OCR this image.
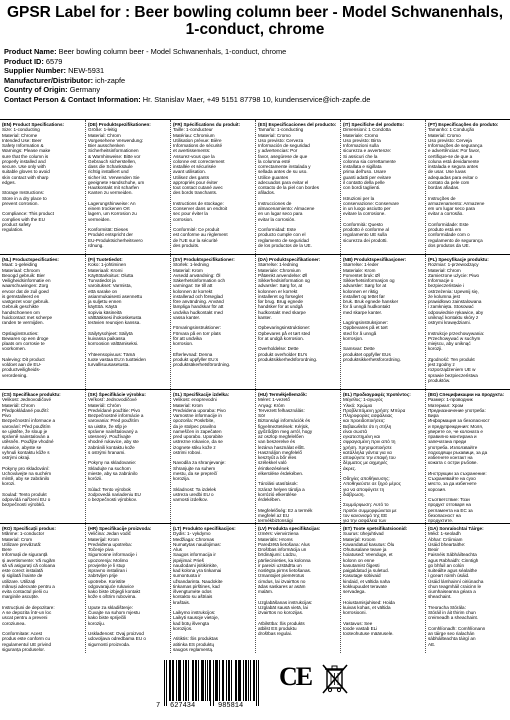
GPSR Label for : Beer bowling column beer - Model Schwanenhals, 1-conduct, chrome
Product Name: Beer bowling column beer - Model Schwanenhals, 1-conduct, chrome
Product ID: 6579
Supplier Number: NEW-5931
Manufacturer/Distributor: ich-zapfe
Country of Origin: Germany
Contact Person & Contact Information: Hr. Stanislav Maer, +49 5151 87798 10, kundenservice@ich-zapfe.de
(EN) Product Specifications:
Size: 1-conducting
Material: Chrome
Intended Use: Beer
Safety Information &
Warnings: Please make
sure that the column is
properly installed and
secure. Use only with
suitable gloves to avoid
skin contact with sharp
edges.

Storage Instructions:
Store in a dry place to
prevent corrosion.

Compliance: This product
complies with the EU
product safety
regulation.
(DE) Produktspezifikationen:
Größe: 1-leitig
Material: Chrom
Vorgesehene Verwendung:
Bier ausschenken
Sicherheitsinformationen
& Warnhinweise: Bitte vor
Gebrauch sicherstellen,
dass die Schanksäule
richtig installiert und
sicher ist. Verwenden Sie
geeignete Handschuhe, um
Hautkontakt mit scharfen
Kanten zu vermeiden.

Lagerungshinweise: An
einem trockenen Ort
lagern, um Korrosion zu
vermeiden.

Konformität: Dieses
Produkt entspricht der
EU-Produktsicherheitsvero
rdnung.
(FR) Spécifications du produit:
Taille: 1-conducteur
Matériau: Chromium
Utilisation prévue: Bière
Informations de sécurité
et avertissements:
Assurez-vous que la
colonne est correctement
installée et sécurisée
avant utilisation.
Utilisez des gants
appropriés pour éviter
tout contact cutané avec
des bords tranchants.

Instructions de stockage:
Conserver dans un endroit
sec pour éviter la
corrosion.

Conformité: Ce produit
est conforme au règlement
de l'UE sur la sécurité
des produits.
(ES) Especificaciones del producto:
Tamaño: 1-conducting
Material: Cromo
Uso previsto: Cerveza
Información de seguridad
y advertencias: Por
favor, asegúrese de que
la columna esté
correctamente instalada y
sellada antes de su uso.
Utilice guantes
adecuados para evitar el
contacto de la piel con bordes
afilados.

Instrucciones de
almacenamiento: Almacene
en un lugar seco para
evitar la corrosión.

Conformidad: Este
producto cumple con el
reglamento de seguridad
de los productos de la UE.
(IT) Specifiche del prodotto:
Dimensioni: 1 Condotta
Materiale: Cromo
Uso previsto: Birra
Informazioni sulla
sicurezza e avvertenze:
Si assicuri che la
colonna sia correttamente
installata e sigillata
prima dell'uso. Usare
guanti adatti per evitare
il contatto della pelle
con bordi taglienti.

Istruzioni per la
conservazione: Conservare
in un luogo asciutto per
evitare la corrosione.

Conformità: Questo
prodotto è conforme al
regolamento UE sulla
sicurezza dei prodotti.
(PT) Especificações do produto:
Tamanho: 1 Condução
Material: Cromo
Uso previsto: Cerveja
Informações de segurança
e advertências: Por favor,
certifique-se de que a
coluna está devidamente
instalada e segura antes
de usar. Use luvas
adequadas para evitar o
contato da pele com
bordas afiadas.

Instruções de
armazenamento: Armazene
em um lugar seco para
evitar a corrosão.

Conformidade: Este
produto está em
conformidade com o
regulamento de segurança
dos produtos da UE.
(NL) Productspecificaties:
Maat: 1-geleiding
Materiaal: Chroom
Beoogd gebruik: Bier
Veiligheidsinformatie en
waarschuwingen: Zorg
ervoor dat de zuil goed
is geïnstalleerd en
vastgezet voor gebruik.
Gebruik geschikte
handschoenen om
huidcontact met scherpe
randen te vermijden.

Opslaginstructies:
Bewaren op een droge
plaats om corrosie te
voorkomen.

Naleving: Dit product
voldoet aan de EU-
productveiligheids-
verordening.
(FI) Tuotetiedot:
Koko: 1-johtiminen
Materiaali: Kromi
Käyttötarkoitus: Olutta
Turvatiedot ja
varoitukset: Varmista,
että sarake on
asianmukaisesti asennettu
ja suljettu ennen
käyttöä. Käytä
sopivia käsineitä
välttääksesi ihokosketusta
terävien reunojen kanssa.

Säilytysohjeet: Säilytä
kuivassa paikassa
korroosion välttämiseksi.

Yhteensopivuus: Tämä
tuote vastaa EU:n tuotteiden
turvallisuusasetusta.
(SV) Produktspecifikationer:
Storlek: 1-ledning
Material: Krom
Avsedd användning: Öl
Säkerhetsinformation och
varningar: Se till att
kolonnen är korrekt
installerad och förseglad
före användning. Använd
lämpliga handskar för att
undvika hudkontakt med
vassa kanter.

Förvaringsinstruktioner:
Förvara på en torr plats
för att undvika
korrosion.

Efterlevnad: Denna
produkt uppfyller EU:s
produktsäkerhetsförordning.
(DA) Produktspecifikationer:
Størrelse: 1-ledning
Materiale: Chromium
Påtænkt anvendelse: Øl
Sikkerhedsinformation og
advarsler: Sørg for, at
kolonnen er korrekt
installeret og forseglet
før brug. Brug egnede
handsker for at undgå
hudkontakt med skarpe
kanter.

Opbevaringsinstruktioner:
Opbevares på et tørt sted
for at undgå korrosion.

Overholdelse: Dette
produkt overholder EU's
produktsikkerhedsforordning.
(NB) Produktspesifikasjoner:
Størrelse: 1-leder
Materiale: Krom
Forventet bruk: Øl
Sikkerhetsinformasjon og
advarsler: Sørg for at
kolonnen er riktig
installert og tettet før
bruk. Bruk egnede hansker
for å unngå hudkontakt
med skarpe kanter.

Lagringsinstruksjoner:
Oppbevares på et tørt
sted for å unngå
korrosjon.

Samsvar: Dette
produktet oppfyller EUs
produktsikkerhetsforordning.
(PL) Specyfikacje produktu:
Rozmiar: 1-przewodzący
Materiał: Chrom
Zamierzone użycie: Piwo
Informacje o
bezpieczeństwie i
ostrzeżenia: Upewnij się,
że kolumna jest
prawidłowo zainstalowana
i zamknięta. Stosować
odpowiednie rękawice, aby
uniknąć kontaktu skóry z
ostrymi krawędziami.

Instrukcje przechowywania:
Przechowywać w suchym
miejscu, aby uniknąć
korozji.

Zgodność: Ten produkt
jest zgodny z
rozporządzeniem UE w
sprawie bezpieczeństwa
produktów.
(CS) Specifikace produktu:
Velikost: Jednovodičové
Materiál: Chrom
Předpokládané použití:
Pivo
Bezpečnostní informace a
varování: Před použitím
se ujistěte, že sloup je
správně nainstalován a
utěsněn. Použijte vhodné
rukavice, abyste se
vyhnuli kontaktu kůže s
ostrými okraji.

Pokyny pro skladování:
Uchovávejte na suchém
místě, aby se zabránilo
korozi.

Soulad: Tento produkt
odpovídá nařízení EU o
bezpečnosti výrobků.
(SK) Špecifikácie výrobku:
Veľkosť: Jednovodičové
Materiál: Chróm
Predvídané použitie: Pivo
Bezpečnostné informácie a
varovania: Pred použitím
sa uistite, že stĺp je
správne nainštalovaný a
utesnený. Používajte
vhodné rukavice, aby ste
zabránili kontaktu kože
s ostrými hranami.

Pokyny na skladovanie:
Skladujte na suchom
mieste, aby sa zabránilo
korózii.

Súlad: Tento výrobok
zodpovedá nariadeniu EU
o bezpečnosti výrobkov.
(SL) Specifikacije izdelka:
Velikost: enoprevodni
Material: Krom
Predvidena uporaba: Pivo
Varnostne informacije in
opozorila: Poskrbite,
da je stolpec pravilno
nameščen in zapečaten
pred uporabo. Uporabite
ustrezne rokavice, da se
izognete stiku kože z
ostrimi robovi.

Navodila za shranjevanje:
Shranjujte na suhem
mestu, da se preprečí
korozija.

Skladnost: Ta izdelek
ustreza uredbi EU o
varnosti izdelkov.
(HU) Termékjellemzők:
Méret: 1-vezető
Anyag: Króm
Tervezett felhasználás:
Sör
Biztonsági információk és
figyelmeztetések: Kérjük,
győződjön meg arról, hogy
az oszlop megfelelően
van beszerelve és
lezárva használat előtt.
Használjon megfelelő
kesztyűt a bőr éles
szélekkel való
érintkezésének
elkerülése érdekében.

Tárolási utasítások:
Száraz helyen tárolja a
korrózió elkerülése
érdekében.

Megfelelőség: Ez a termék
megfelel az EU
termékbiztonsági

(EL) Προδιαγραφές προϊόντος:
Μέγεθος: 1-αγωγός
Υλικό: Χρώμιο
Προβλεπόμενη χρήση: Μπύρα
Πληροφορίες ασφάλειας
και προειδοποιήσεις:
Βεβαιωθείτε ότι η στήλη
είναι σωστά
εγκατεστημένη και
σφραγισμένη πριν από τη
χρήση. Χρησιμοποιήστε
κατάλληλα γάντια για να
αποφύγετε την επαφή του
δέρματος με αιχμηρές
άκρες.

Οδηγίες αποθήκευσης:
Αποθηκεύστε σε ξηρό μέρος
για να αποφύγετε τη
διάβρωση.

Συμμόρφωση: Αυτό το
προϊόν συμμορφώνεται με
τον κανονισμό της ΕΕ
για την ασφάλεια των

(BG) Спецификации на продукта:
Размер: 1-проводник
Материал: Хром
Предназначение употреба:
Бира
Информация за безопасност
и предупреждения: Моля,
уверете се, че колоната е
правилно монтирана и
запечатана преди
употреба. Използвайте
подходящи ръкавици, за да
избегнете контакт на
кожата с остри ръбове.

Инструкции за съхранение:
Съхранявайте на сухо
място, за да избегнете
корозия.

Съответствие: Този
продукт отговаря на
регламента на ЕС за
безопасност на
продуктите.
(RO) Specificații produs:
Mărime: 1-conductor
Material: Crom
Utilizare prevăzută:
Bere
Informații de siguranță
și avertismente: Vă rugăm
să vă asigurați că coloana
este corect instalată
și sigilată înainte de
utilizare. Utilizați
mănuși adecvate pentru a
evita contactul pielii cu
marginile ascuțite.

Instrucțiuni de depozitare:
A se depozita într-un loc
uscat pentru a preveni
coroziunea.

Conformitate: Acest
produs este conform cu
regulamentul UE privind
siguranța produselor.
(HR) Specifikacije proizvoda:
Veličina: Jedan vodič
Materijal: Krom
Predviđena upotreba:
Točenje piva
Sigurnosne informacije i
upozorenja: Molimo
provjerite je li stup
ispravno instaliran i
zabrtvljen prije
upotrebe. Koristite
odgovarajuće rukavice
kako biste izbjegli kontakt
kože s oštrim rubovima.

Upute za skladištenje:
Čuvajte na suhom mjestu
kako biste spriječili
koroziju.

Usklađenost: Ovaj proizvod
udovoljava odredbama EU o
sigurnosti proizvoda.
(LT) Produkto specifikacijos:
Dydis: 1- vykdymo
Medžiaga: Chromas
Numatytas naudojimas:
Alus
Saugos informacija ir
įspėjimai: Prieš
naudodami įsitikinkite,
kad kolona yra tinkamai
sumontuota ir
užsandarinta. Naudokite
tinkamas pirštines, kad
išvengtumėte odos
kontakto su aštriais
kraštais.

Laikymo instrukcijos:
Laikyti sausoje vietoje,
kad būtų išvengta
korozijos.

Atitiktis: Šis produktas
atitinka ES produktų
saugos reglamentą.
(LV) Produkta specifikācijas:
Izmērs: vienvirziena
Materiāls: Hroms
Paredzētā lietošana: Alus
Drošības informācija un
brīdinājumi: Lūdzu,
pārliecinieties, ka kolonna
ir pareizi uzstādīta un
noslēgta pirms lietošanas.
Izmantojiet piemērotus
cimdus, lai izvairītos no
ādas saskares ar asām
malām.

Uzglabāšanas instrukcijas:
Uzglabāt sausā vietā, lai
izvairītos no korozijas.

Atbilstība: Šis produkts
atbilst ES produktu
drošības regulai.
(ET) Toote spetsifikatsioonid:
Suurus: ühejuhtivad
Materjal: Kroom
Kavandatud kasutus: Õlu
Ohutusalane teave ja
hoiatused: Veenduge, et
kolonn on enne
kasutamist õigesti
paigaldatud ja suletud.
Kasutage sobivaid
kindaid, et vältida naha
kokkupuudet teravate
servadega.

Hoiustamisjuhised: Hoida
kuivas kohas, et vältida
korrosiooni.

Vastavus: See
toode vastab ELi
tooteohutuse määrusele.
(GA) Sonraíochtaí Táirge:
Méid: 1-seoladh
Ábhar: Cróimiam
Úsáid bheartaithe:
Beoir
Faisnéis Sábháilteachta
agus Rabhaidh: Cinntigh
go bhfuil an colún
suiteáilte agus séalaithe
i gceart roimh úsáid.
Úsáid lámhainní oiriúnacha
chun teagmháil craicinn le
ciumhaiseanna géara a
sheachaint.

Treoracha Stórála:
Stóráil in áit thirim chun
creimeadh a sheachaint.

Comhlíonadh: Comhlíonann
an táirge seo rialachán
sábháilteachta táirgí an
AE.
7 627434	985814
CE
